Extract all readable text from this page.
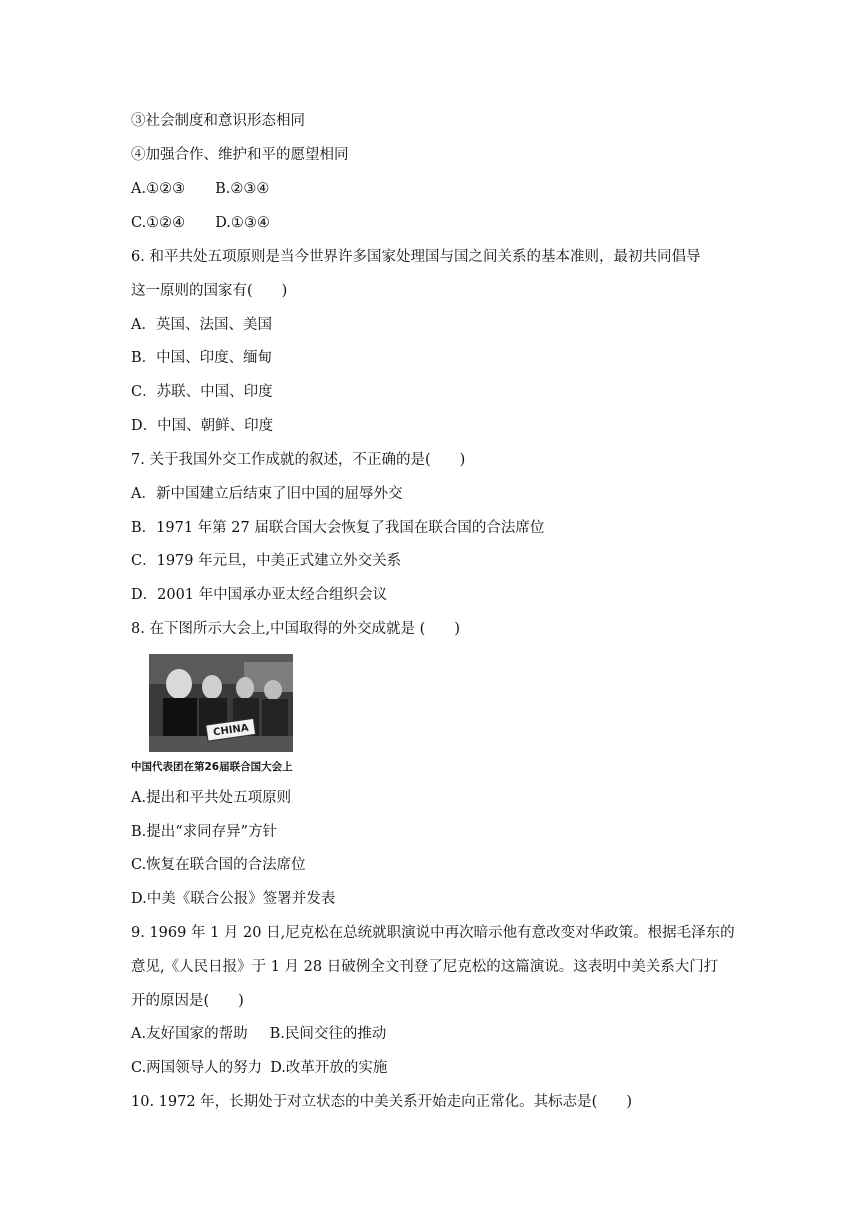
③社会制度和意识形态相同
④加强合作、维护和平的愿望相同
A.①②③ B.②③④
C.①②④ D.①③④
6. 和平共处五项原则是当今世界许多国家处理国与国之间关系的基本准则，最初共同倡导
这一原则的国家有(　　)
A．英国、法国、美国
B．中国、印度、缅甸
C．苏联、中国、印度
D．中国、朝鲜、印度
7. 关于我国外交工作成就的叙述，不正确的是(　　)
A．新中国建立后结束了旧中国的屈辱外交
B．1971 年第 27 届联合国大会恢复了我国在联合国的合法席位
C．1979 年元旦，中美正式建立外交关系
D．2001 年中国承办亚太经合组织会议
8. 在下图所示大会上,中国取得的外交成就是 (　　)
CHINA
中国代表团在第26届联合国大会上
A.提出和平共处五项原则
B.提出“求同存异”方针
C.恢复在联合国的合法席位
D.中美《联合公报》签署并发表
9. 1969 年 1 月 20 日,尼克松在总统就职演说中再次暗示他有意改变对华政策。根据毛泽东的
意见,《人民日报》于 1 月 28 日破例全文刊登了尼克松的这篇演说。这表明中美关系大门打
开的原因是(　　)
A.友好国家的帮助 B.民间交往的推动
C.两国领导人的努力 D.改革开放的实施
10. 1972 年，长期处于对立状态的中美关系开始走向正常化。其标志是(　　)
